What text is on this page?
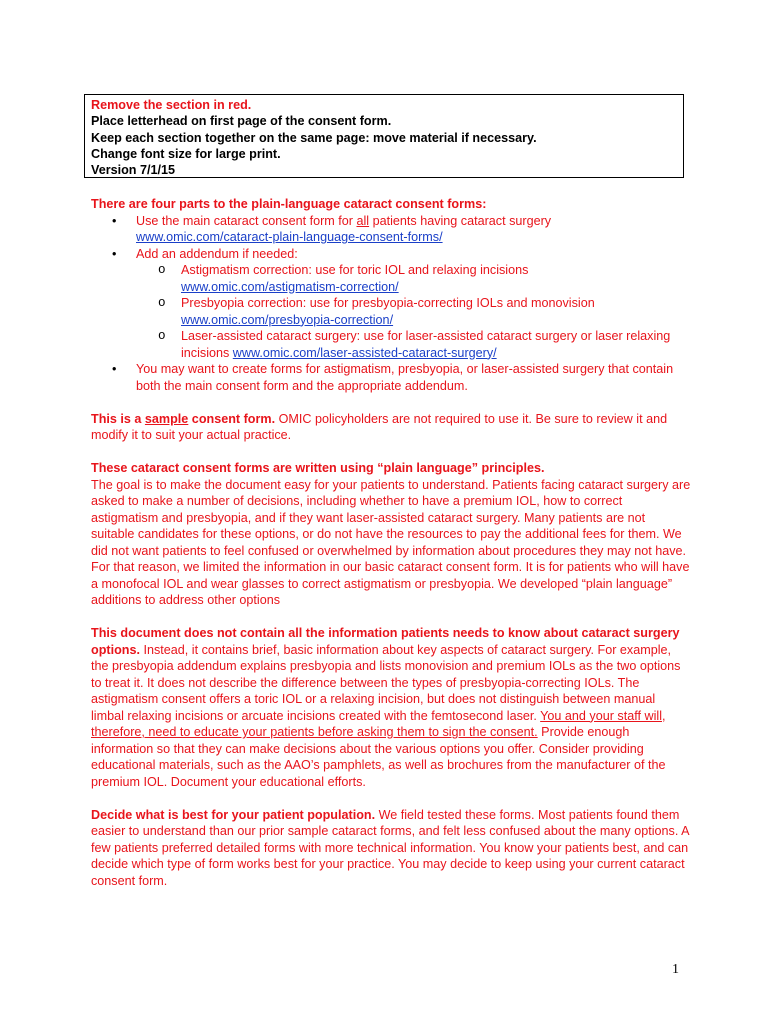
Remove the section in red.
Place letterhead on first page of the consent form.
Keep each section together on the same page: move material if necessary.
Change font size for large print.
Version 7/1/15
There are four parts to the plain-language cataract consent forms:
• Use the main cataract consent form for all patients having cataract surgery
www.omic.com/cataract-plain-language-consent-forms/
• Add an addendum if needed:
o Astigmatism correction: use for toric IOL and relaxing incisions
www.omic.com/astigmatism-correction/
o Presbyopia correction: use for presbyopia-correcting IOLs and monovision
www.omic.com/presbyopia-correction/
o Laser-assisted cataract surgery: use for laser-assisted cataract surgery or laser relaxing incisions www.omic.com/laser-assisted-cataract-surgery/
• You may want to create forms for astigmatism, presbyopia, or laser-assisted surgery that contain both the main consent form and the appropriate addendum.

This is a sample consent form. OMIC policyholders are not required to use it. Be sure to review it and modify it to suit your actual practice.

These cataract consent forms are written using “plain language” principles.
The goal is to make the document easy for your patients to understand. Patients facing cataract surgery are asked to make a number of decisions, including whether to have a premium IOL, how to correct astigmatism and presbyopia, and if they want laser-assisted cataract surgery. Many patients are not suitable candidates for these options, or do not have the resources to pay the additional fees for them. We did not want patients to feel confused or overwhelmed by information about procedures they may not have. For that reason, we limited the information in our basic cataract consent form. It is for patients who will have a monofocal IOL and wear glasses to correct astigmatism or presbyopia. We developed “plain language” additions to address other options

This document does not contain all the information patients needs to know about cataract surgery options. Instead, it contains brief, basic information about key aspects of cataract surgery. For example, the presbyopia addendum explains presbyopia and lists monovision and premium IOLs as the two options to treat it. It does not describe the difference between the types of presbyopia-correcting IOLs. The astigmatism consent offers a toric IOL or a relaxing incision, but does not distinguish between manual limbal relaxing incisions or arcuate incisions created with the femtosecond laser. You and your staff will, therefore, need to educate your patients before asking them to sign the consent. Provide enough information so that they can make decisions about the various options you offer. Consider providing educational materials, such as the AAO’s pamphlets, as well as brochures from the manufacturer of the premium IOL. Document your educational efforts.

Decide what is best for your patient population. We field tested these forms. Most patients found them easier to understand than our prior sample cataract forms, and felt less confused about the many options. A few patients preferred detailed forms with more technical information. You know your patients best, and can decide which type of form works best for your practice. You may decide to keep using your current cataract consent form.

1
